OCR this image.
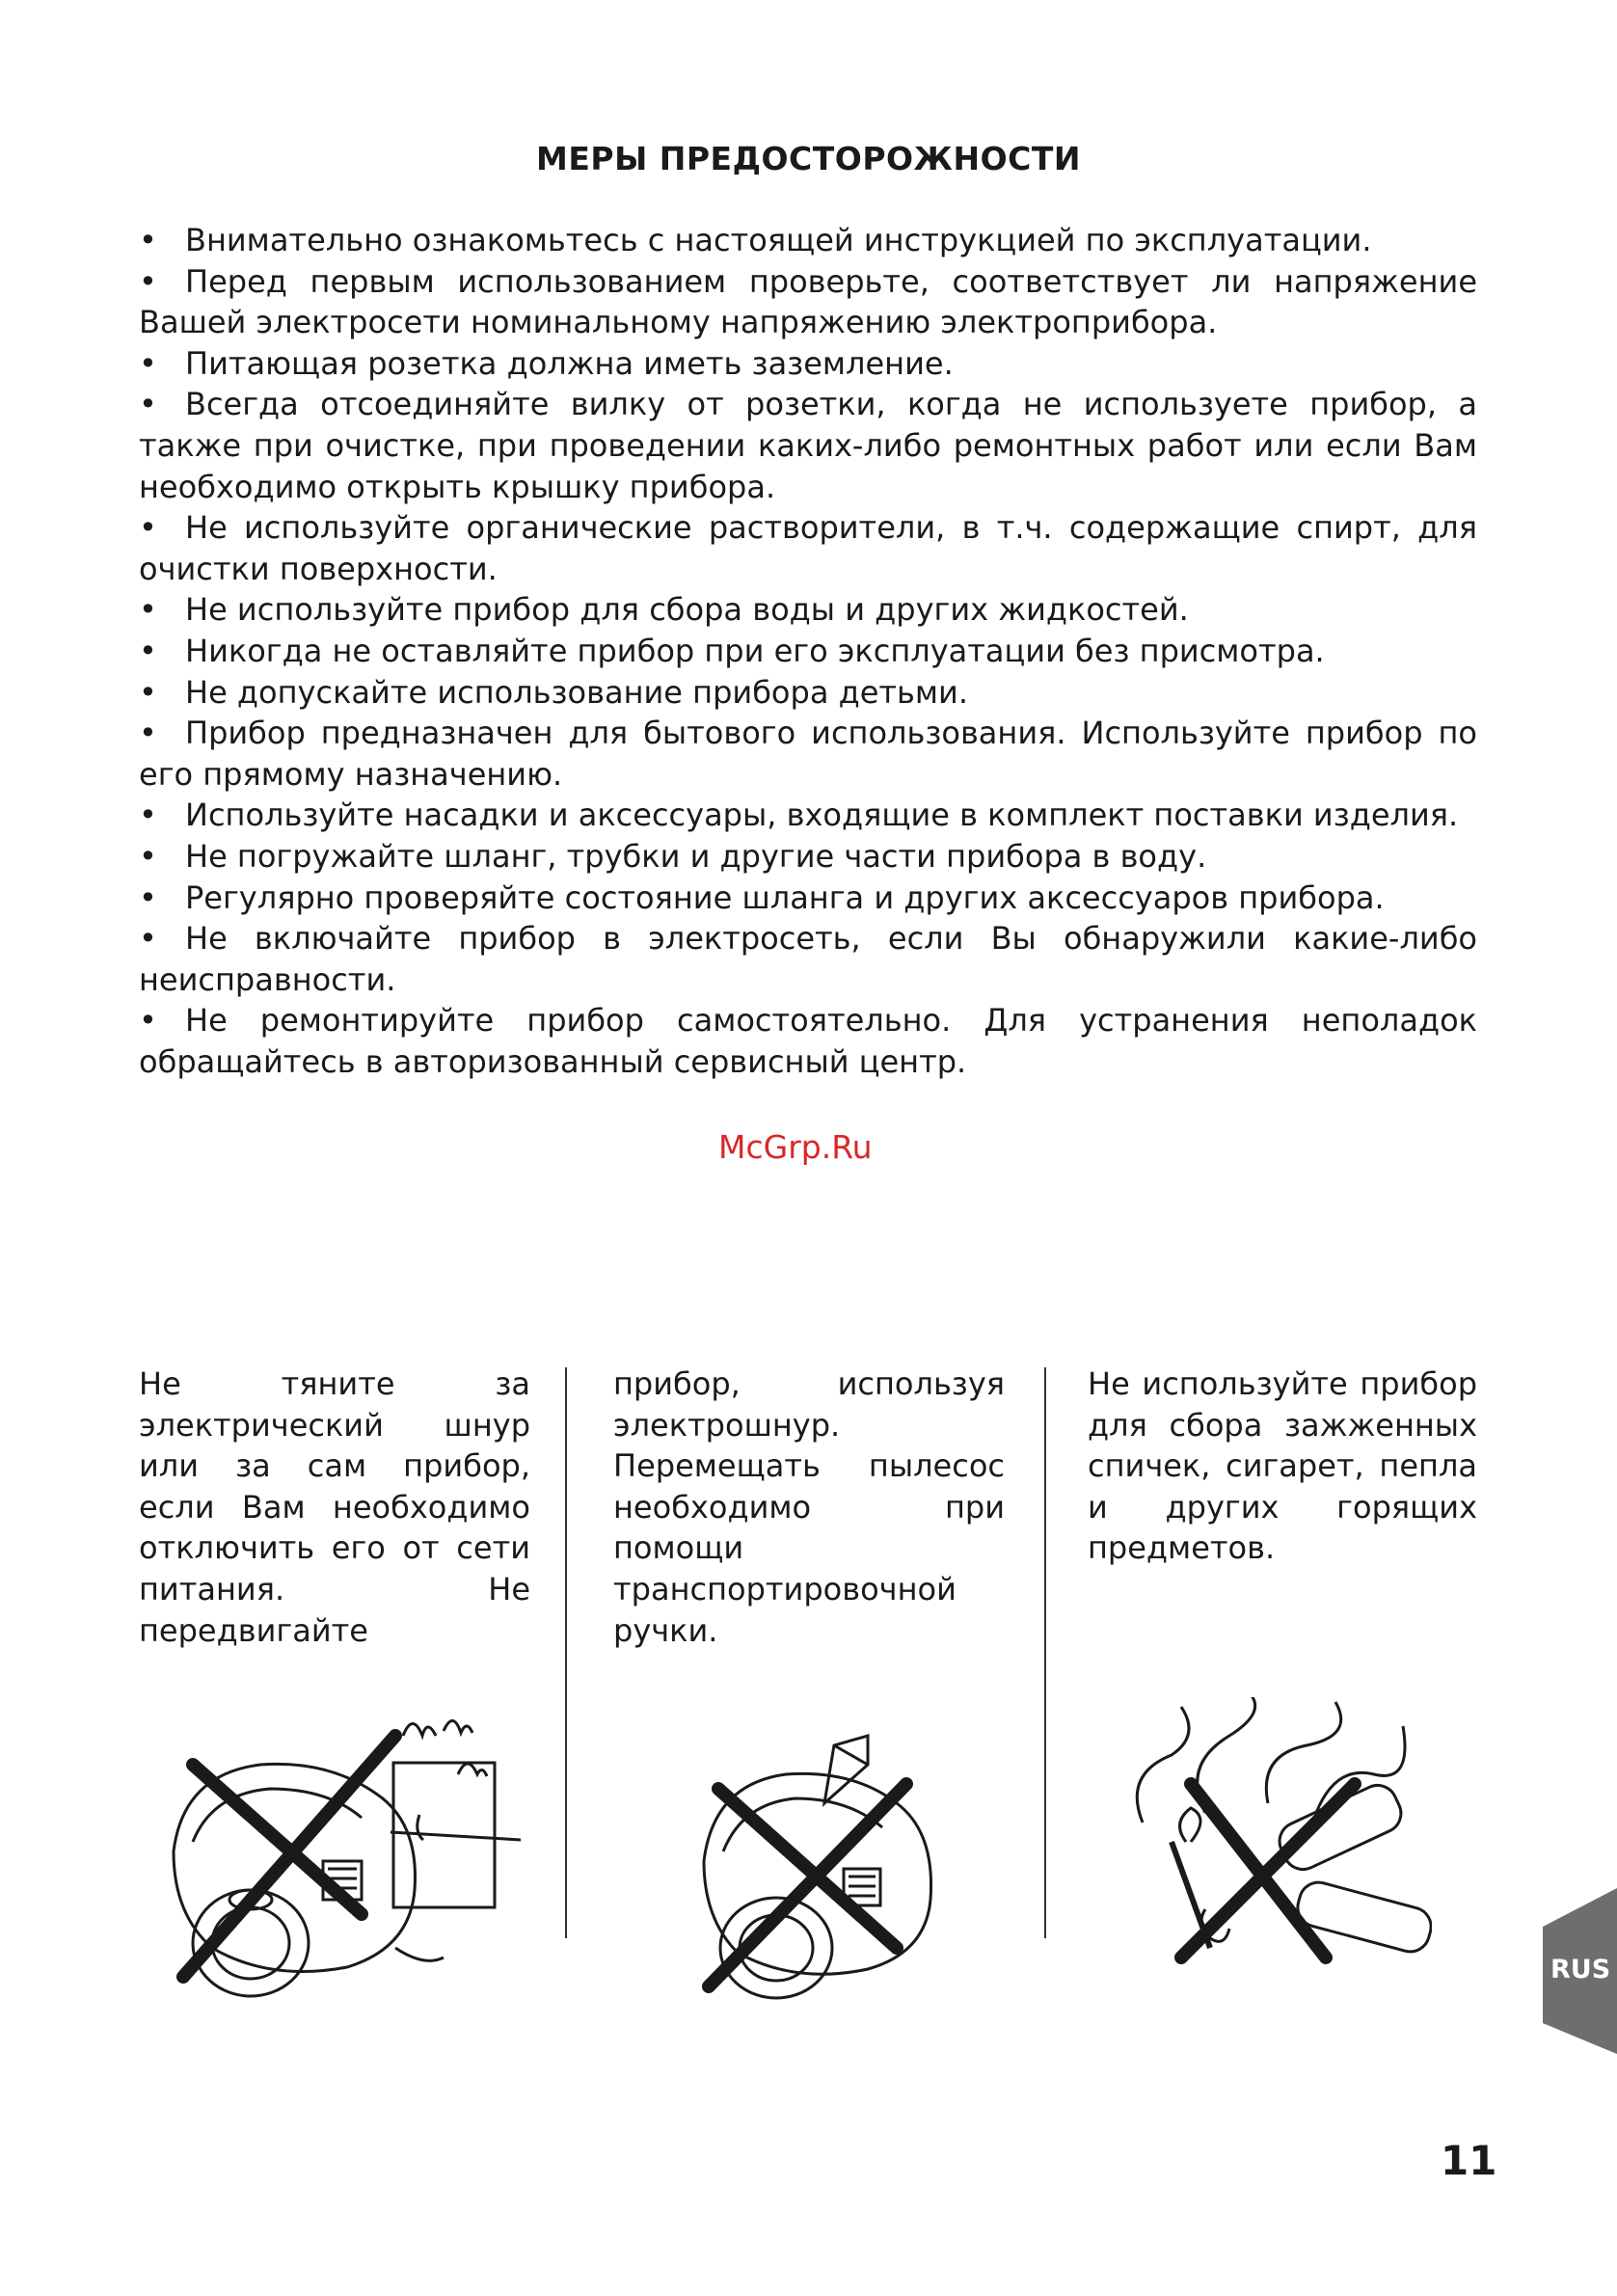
МЕРЫ ПРЕДОСТОРОЖНОСТИ
• Внимательно ознакомьтесь с настоящей инструкцией по эксплуатации.
• Перед первым использованием проверьте, соответствует ли напряжение Вашей электросети номинальному напряжению электроприбора.
• Питающая розетка должна иметь заземление.
• Всегда отсоединяйте вилку от розетки, когда не используете прибор, а также при очистке, при проведении каких-либо ремонтных работ или если Вам необходимо открыть крышку прибора.
• Не используйте органические растворители, в т.ч. содержащие спирт, для очистки поверхности.
• Не используйте прибор для сбора воды и других жидкостей.
• Никогда не оставляйте прибор при его эксплуатации без присмотра.
• Не допускайте использование прибора детьми.
• Прибор предназначен для бытового использования. Используйте прибор по его прямому назначению.
• Используйте насадки и аксессуары, входящие в комплект поставки изделия.
• Не погружайте шланг, трубки и другие части прибора в воду.
• Регулярно проверяйте состояние шланга и других аксессуаров прибора.
• Не включайте прибор в электросеть, если Вы обнаружили какие-либо неисправности.
• Не ремонтируйте прибор самостоятельно. Для устранения неполадок обращайтесь в авторизованный сервисный центр.
McGrp.Ru
Не тяните за электрический шнур или за сам прибор, если Вам необходимо отключить его от сети питания. Не передвигайте
прибор, используя электрошнур. Перемещать пылесос необходимо при помощи транспортировочной ручки.
Не используйте прибор для сбора зажженных спичек, сигарет, пепла и других горящих предметов.
RUS
11
